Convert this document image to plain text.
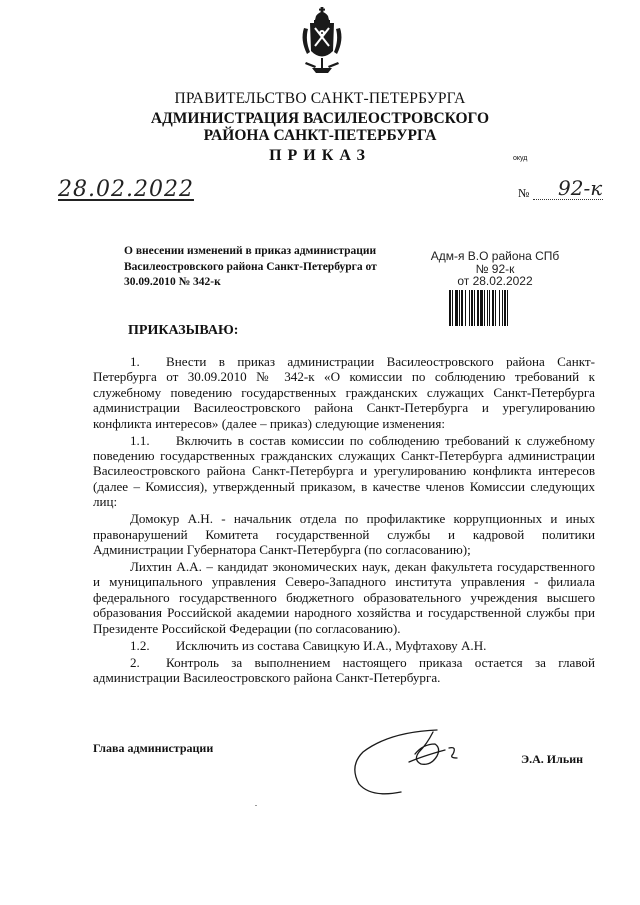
ПРАВИТЕЛЬСТВО САНКТ-ПЕТЕРБУРГА
АДМИНИСТРАЦИЯ ВАСИЛЕОСТРОВСКОГО
РАЙОНА САНКТ-ПЕТЕРБУРГА
ПРИКАЗ	окуд
28.02.2022	№ 92-к
О внесении изменений в приказ администрации Василеостровского района Санкт-Петербурга от 30.09.2010 № 342-к
Адм-я В.О района СПб
№ 92-к
от 28.02.2022
ПРИКАЗЫВАЮ:

1.  Внести в приказ администрации Василеостровского района Санкт-Петербурга от 30.09.2010 № 342-к «О комиссии по соблюдению требований к служебному поведению государственных гражданских служащих Санкт-Петербурга администрации Василеостровского района Санкт-Петербурга и урегулированию конфликта интересов» (далее – приказ) следующие изменения:

1.1.  Включить в состав комиссии по соблюдению требований к служебному поведению государственных гражданских служащих Санкт-Петербурга администрации Василеостровского района Санкт-Петербурга и урегулированию конфликта интересов (далее – Комиссия), утвержденный приказом, в качестве членов Комиссии следующих лиц:

Домокур А.Н. - начальник отдела по профилактике коррупционных и иных правонарушений Комитета государственной службы и кадровой политики Администрации Губернатора Санкт-Петербурга (по согласованию);

Лихтин А.А. – кандидат экономических наук, декан факультета государственного и муниципального управления Северо-Западного института управления - филиала федерального государственного бюджетного образовательного учреждения высшего образования Российской академии народного хозяйства и государственной службы при Президенте Российской Федерации (по согласованию).

1.2.  Исключить из состава Савицкую И.А., Муфтахову А.Н.

2.  Контроль за выполнением настоящего приказа остается за главой администрации Василеостровского района Санкт-Петербурга.

Глава администрации
Э.А. Ильин
